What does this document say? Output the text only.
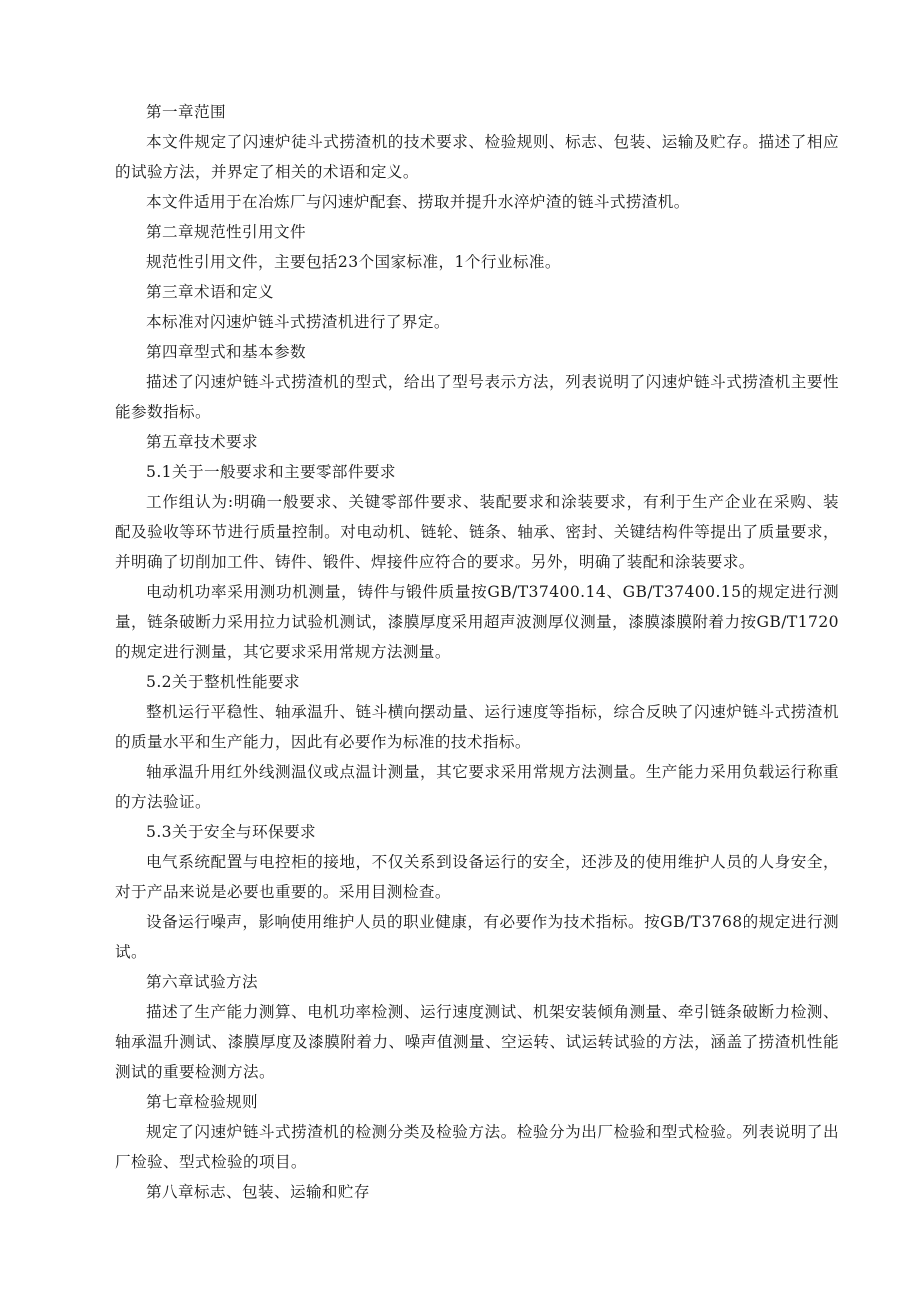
第一章范围

本文件规定了闪速炉徒斗式捞渣机的技术要求、检验规则、标志、包装、运输及贮存。描述了相应的试验方法，并界定了相关的术语和定义。

本文件适用于在冶炼厂与闪速炉配套、捞取并提升水淬炉渣的链斗式捞渣机。

第二章规范性引用文件

规范性引用文件，主要包括23个国家标准，1个行业标准。

第三章术语和定义

本标准对闪速炉链斗式捞渣机进行了界定。

第四章型式和基本参数

描述了闪速炉链斗式捞渣机的型式，给出了型号表示方法，列表说明了闪速炉链斗式捞渣机主要性能参数指标。

第五章技术要求

5.1关于一般要求和主要零部件要求

工作组认为:明确一般要求、关键零部件要求、装配要求和涂装要求，有利于生产企业在采购、装配及验收等环节进行质量控制。对电动机、链轮、链条、轴承、密封、关键结构件等提出了质量要求，并明确了切削加工件、铸件、锻件、焊接件应符合的要求。另外，明确了装配和涂装要求。

电动机功率采用测功机测量，铸件与锻件质量按GB/T37400.14、GB/T37400.15的规定进行测量，链条破断力采用拉力试验机测试，漆膜厚度采用超声波测厚仪测量，漆膜漆膜附着力按GB/T1720的规定进行测量，其它要求采用常规方法测量。

5.2关于整机性能要求

整机运行平稳性、轴承温升、链斗横向摆动量、运行速度等指标，综合反映了闪速炉链斗式捞渣机的质量水平和生产能力，因此有必要作为标准的技术指标。

轴承温升用红外线测温仪或点温计测量，其它要求采用常规方法测量。生产能力采用负载运行称重的方法验证。

5.3关于安全与环保要求

电气系统配置与电控柜的接地，不仅关系到设备运行的安全，还涉及的使用维护人员的人身安全，对于产品来说是必要也重要的。采用目测检查。

设备运行噪声，影响使用维护人员的职业健康，有必要作为技术指标。按GB/T3768的规定进行测试。

第六章试验方法

描述了生产能力测算、电机功率检测、运行速度测试、机架安装倾角测量、牵引链条破断力检测、轴承温升测试、漆膜厚度及漆膜附着力、噪声值测量、空运转、试运转试验的方法，涵盖了捞渣机性能测试的重要检测方法。

第七章检验规则

规定了闪速炉链斗式捞渣机的检测分类及检验方法。检验分为出厂检验和型式检验。列表说明了出厂检验、型式检验的项目。

第八章标志、包装、运输和贮存
